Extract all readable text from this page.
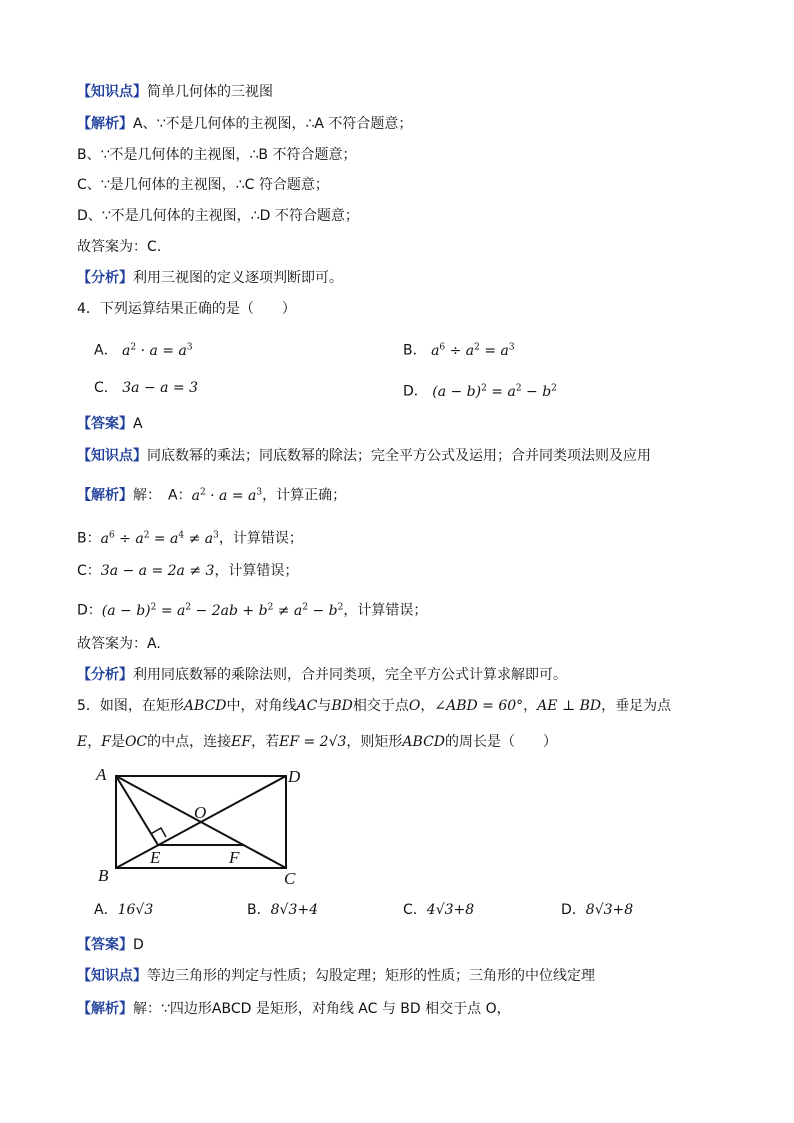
【知识点】简单几何体的三视图
【解析】A、∵不是几何体的主视图，∴A 不符合题意；
B、∵不是几何体的主视图，∴B 不符合题意；
C、∵是几何体的主视图，∴C 符合题意；
D、∵不是几何体的主视图，∴D 不符合题意；
故答案为：C.
【分析】利用三视图的定义逐项判断即可。
4．下列运算结果正确的是（　　）
A． $a^2 \cdot a = a^3$	B． $a^6 \div a^2 = a^3$
C． 3a − a = 3	D． $(a - b)^2 = a^2 - b^2$
【答案】A
【知识点】同底数幂的乘法；同底数幂的除法；完全平方公式及运用；合并同类项法则及应用
【解析】解：　A：$a^2 \cdot a = a^3$，计算正确；
B：$a^6 \div a^2 = a^4 \ne a^3$，计算错误；
C：3a − a = 2a ≠ 3，计算错误；
D：$(a - b)^2 = a^2 - 2ab + b^2 \ne a^2 - b^2$，计算错误；
故答案为：A.
【分析】利用同底数幂的乘除法则，合并同类项，完全平方公式计算求解即可。
5．如图，在矩形ABCD中，对角线AC与BD相交于点O，∠ABD = 60°，AE ⊥ BD，垂足为点
E，F是OC的中点，连接EF，若EF = 2√3，则矩形ABCD的周长是（　　）
A
B	C
D
O
E	F
A．16√3	B．8√3+4	C．4√3+8	D．8√3+8
【答案】D
【知识点】等边三角形的判定与性质；勾股定理；矩形的性质；三角形的中位线定理
【解析】解：∵四边形ABCD 是矩形，对角线 AC 与 BD 相交于点 O，
